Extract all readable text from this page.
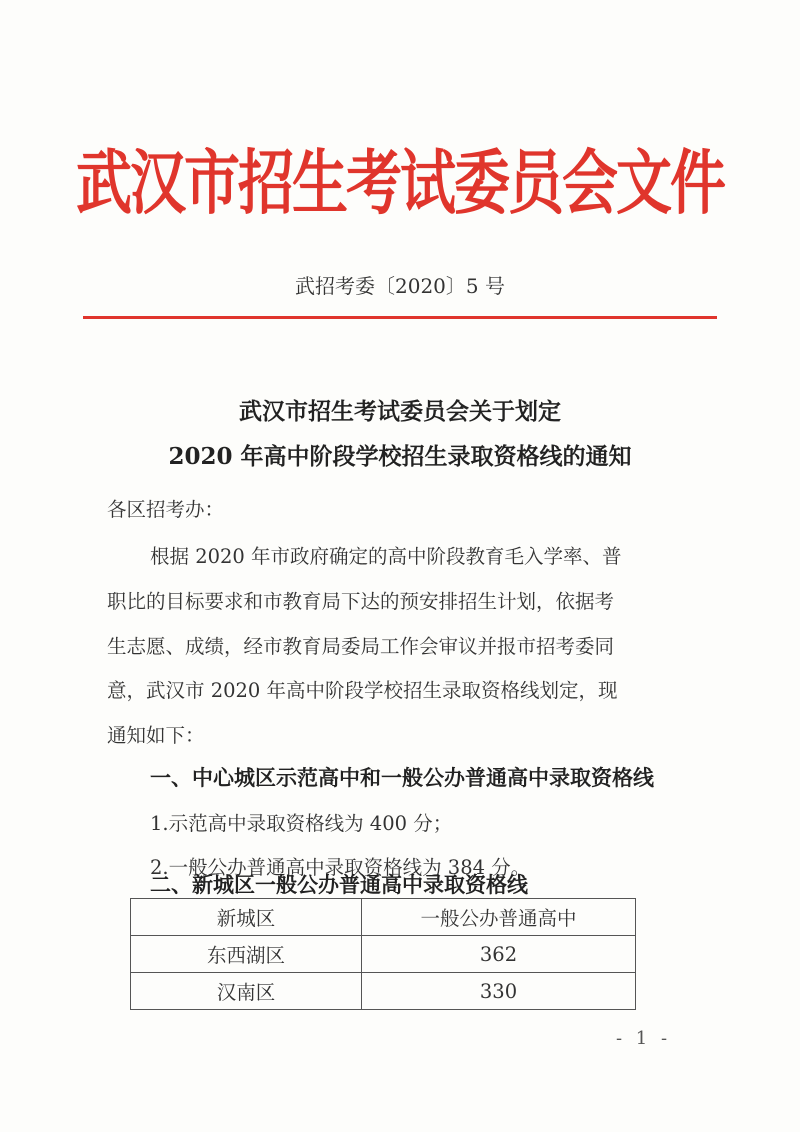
武汉市招生考试委员会文件
武招考委〔2020〕5 号
武汉市招生考试委员会关于划定
2020 年高中阶段学校招生录取资格线的通知
各区招考办：
根据 2020 年市政府确定的高中阶段教育毛入学率、普
职比的目标要求和市教育局下达的预安排招生计划，依据考
生志愿、成绩，经市教育局委局工作会审议并报市招考委同
意，武汉市 2020 年高中阶段学校招生录取资格线划定，现
通知如下：
一、中心城区示范高中和一般公办普通高中录取资格线
1.示范高中录取资格线为 400 分；
2.一般公办普通高中录取资格线为 384 分。
二、新城区一般公办普通高中录取资格线
新城区	一般公办普通高中
东西湖区	362
汉南区	330
- 1 -
